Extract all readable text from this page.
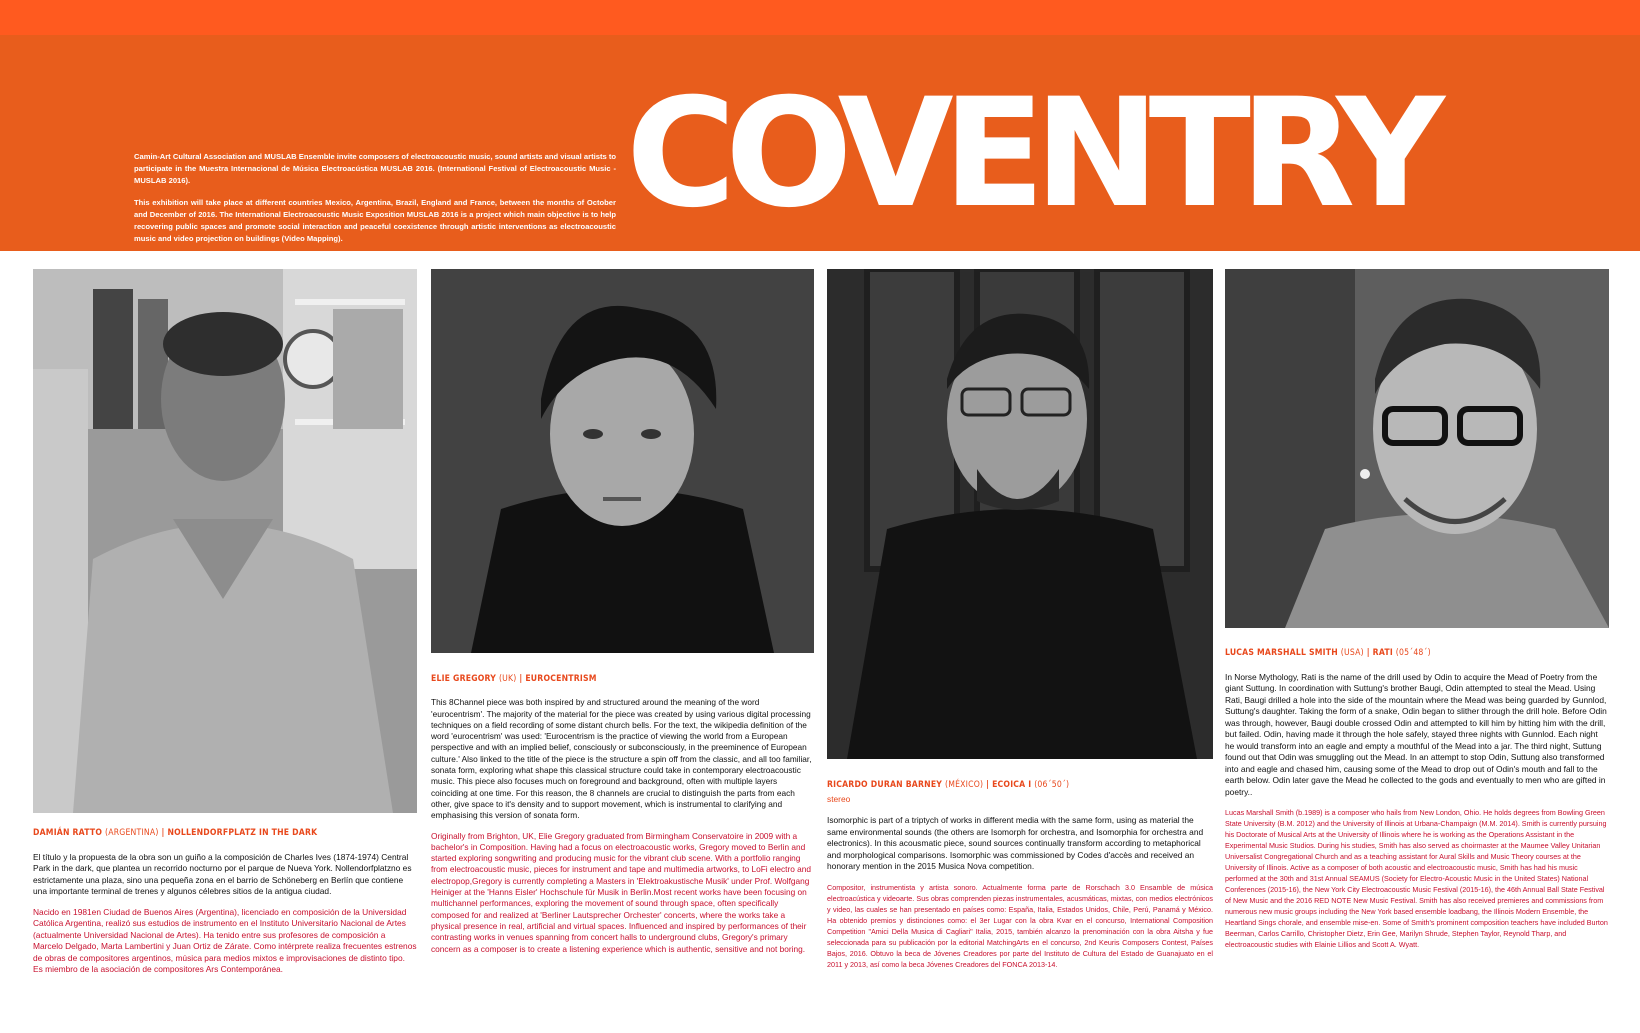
COVENTRY

Camin-Art Cultural Association and MUSLAB Ensemble invite composers of electroacoustic music, sound artists and visual artists to participate in the Muestra Internacional de Música Electroacústica MUSLAB 2016. (International Festival of Electroacoustic Music - MUSLAB 2016).

This exhibition will take place at different countries Mexico, Argentina, Brazil, England and France, between the months of October and December of 2016. The International Electroacoustic Music Exposition MUSLAB 2016 is a project which main objective is to help recovering public spaces and promote social interaction and peaceful coexistence through artistic interventions as electroacoustic music and video projection on buildings (Video Mapping).

DAMIÁN RATTO (ARGENTINA) | NOLLENDORFPLATZ IN THE DARK

El título y la propuesta de la obra son un guiño a la composición de Charles Ives (1874-1974) Central Park in the dark, que plantea un recorrido nocturno por el parque de Nueva York. Nollendorfplatzno es estrictamente una plaza, sino una pequeña zona en el barrio de Schöneberg en Berlín que contiene una importante terminal de trenes y algunos célebres sitios de la antigua ciudad.

Nacido en 1981en Ciudad de Buenos Aires (Argentina), licenciado en composición de la Universidad Católica Argentina, realizó sus estudios de instrumento en el Instituto Universitario Nacional de Artes (actualmente Universidad Nacional de Artes). Ha tenido entre sus profesores de composición a Marcelo Delgado, Marta Lambertini y Juan Ortiz de Zárate. Como intérprete realiza frecuentes estrenos de obras de compositores argentinos, música para medios mixtos e improvisaciones de distinto tipo. Es miembro de la asociación de compositores Ars Contemporánea.

ELIE GREGORY (UK) | EUROCENTRISM

This 8Channel piece was both inspired by and structured around the meaning of the word 'eurocentrism'. The majority of the material for the piece was created by using various digital processing techniques on a field recording of some distant church bells. For the text, the wikipedia definition of the word 'eurocentrism' was used: 'Eurocentrism is the practice of viewing the world from a European perspective and with an implied belief, consciously or subconsciously, in the preeminence of European culture.' Also linked to the title of the piece is the structure a spin off from the classic, and all too familiar, sonata form, exploring what shape this classical structure could take in contemporary electroacoustic music. This piece also focuses much on foreground and background, often with multiple layers coinciding at one time. For this reason, the 8 channels are crucial to distinguish the parts from each other, give space to it's density and to support movement, which is instrumental to clarifying and emphasising this version of sonata form.

Originally from Brighton, UK, Elie Gregory graduated from Birmingham Conservatoire in 2009 with a bachelor's in Composition. Having had a focus on electroacoustic works, Gregory moved to Berlin and started exploring songwriting and producing music for the vibrant club scene. With a portfolio ranging from electroacoustic music, pieces for instrument and tape and multimedia artworks, to LoFi electro and electropop,Gregory is currently completing a Masters in 'Elektroakustische Musik' under Prof. Wolfgang Heiniger at the 'Hanns Eisler' Hochschule für Musik in Berlin.Most recent works have been focusing on multichannel performances, exploring the movement of sound through space, often specifically composed for and realized at 'Berliner Lautsprecher Orchester' concerts, where the works take a physical presence in real, artificial and virtual spaces. Influenced and inspired by performances of their contrasting works in venues spanning from concert halls to underground clubs, Gregory's primary concern as a composer is to create a listening experience which is authentic, sensitive and not boring.

RICARDO DURAN BARNEY (MÉXICO) | ECOICA I (06´50´)
stereo

Isomorphic is part of a triptych of works in different media with the same form, using as material the same environmental sounds (the others are Isomorph for orchestra, and Isomorphia for orchestra and electronics). In this acousmatic piece, sound sources continually transform according to metaphorical and morphological comparisons. Isomorphic was commissioned by Codes d'accès and received an honorary mention in the 2015 Musica Nova competition.

Compositor, instrumentista y artista sonoro. Actualmente forma parte de Rorschach 3.0 Ensamble de música electroacústica y videoarte. Sus obras comprenden piezas instrumentales, acusmáticas, mixtas, con medios electrónicos y video, las cuales se han presentado en países como: España, Italia, Estados Unidos, Chile, Perú, Panamá y México. Ha obtenido premios y distinciones como: el 3er Lugar con la obra Kvar en el concurso, International Composition Competition "Amici Della Musica di Cagliari" Italia, 2015, también alcanzo la prenominación con la obra Aitsha y fue seleccionada para su publicación por la editorial MatchingArts en el concurso, 2nd Keuris Composers Contest, Países Bajos, 2016. Obtuvo la beca de Jóvenes Creadores por parte del Instituto de Cultura del Estado de Guanajuato en el 2011 y 2013, así como la beca Jóvenes Creadores del FONCA 2013-14.

LUCAS MARSHALL SMITH (USA) | RATI (05´48´)

In Norse Mythology, Rati is the name of the drill used by Odin to acquire the Mead of Poetry from the giant Suttung. In coordination with Suttung's brother Baugi, Odin attempted to steal the Mead. Using Rati, Baugi drilled a hole into the side of the mountain where the Mead was being guarded by Gunnlod, Suttung's daughter. Taking the form of a snake, Odin began to slither through the drill hole. Before Odin was through, however, Baugi double crossed Odin and attempted to kill him by hitting him with the drill, but failed. Odin, having made it through the hole safely, stayed three nights with Gunnlod. Each night he would transform into an eagle and empty a mouthful of the Mead into a jar. The third night, Suttung found out that Odin was smuggling out the Mead. In an attempt to stop Odin, Suttung also transformed into and eagle and chased him, causing some of the Mead to drop out of Odin's mouth and fall to the earth below. Odin later gave the Mead he collected to the gods and eventually to men who are gifted in poetry..

Lucas Marshall Smith (b.1989) is a composer who hails from New London, Ohio. He holds degrees from Bowling Green State University (B.M. 2012) and the University of Illinois at Urbana-Champaign (M.M. 2014). Smith is currently pursuing his Doctorate of Musical Arts at the University of Illinois where he is working as the Operations Assistant in the Experimental Music Studios. During his studies, Smith has also served as choirmaster at the Maumee Valley Unitarian Universalist Congregational Church and as a teaching assistant for Aural Skills and Music Theory courses at the University of Illinois. Active as a composer of both acoustic and electroacoustic music, Smith has had his music performed at the 30th and 31st Annual SEAMUS (Society for Electro-Acoustic Music in the United States) National Conferences (2015-16), the New York City Electroacoustic Music Festival (2015-16), the 46th Annual Ball State Festival of New Music and the 2016 RED NOTE New Music Festival. Smith has also received premieres and commissions from numerous new music groups including the New York based ensemble loadbang, the Illinois Modern Ensemble, the Heartland Sings chorale, and ensemble mise-en. Some of Smith's prominent composition teachers have included Burton Beerman, Carlos Carrillo, Christopher Dietz, Erin Gee, Marilyn Shrude, Stephen Taylor, Reynold Tharp, and electroacoustic studies with Elainie Lillios and Scott A. Wyatt.
